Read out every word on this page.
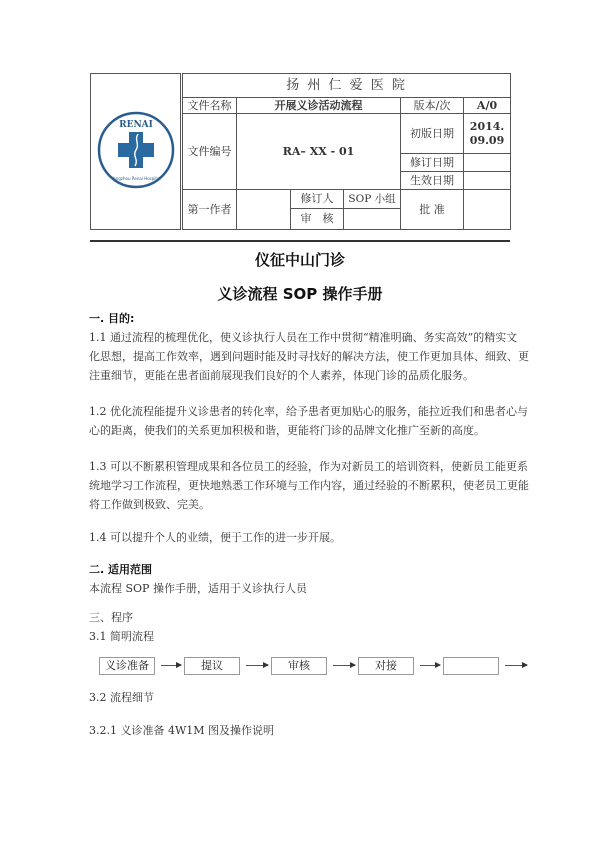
RENAI
Yangzhou Renai Hospital	扬 州 仁 爱 医 院					
	文件名称	开展义诊活动流程			版本/次	A/0
	文件编号	RA– XX - 01			初版日期	2014.09.09
					修订日期	
					生效日期	
	第一作者		修订人	SOP 小组	批 准	
			审　核			
仪征中山门诊
义诊流程 SOP 操作手册
一. 目的:
1.1 通过流程的梳理优化，使义诊执行人员在工作中贯彻“精准明确、务实高效”的精实文
化思想，提高工作效率，遇到问题时能及时寻找好的解决方法，使工作更加具体、细致、更
注重细节，更能在患者面前展现我们良好的个人素养，体现门诊的品质化服务。
1.2 优化流程能提升义诊患者的转化率，给予患者更加贴心的服务，能拉近我们和患者心与
心的距离，使我们的关系更加积极和谐，更能将门诊的品牌文化推广至新的高度。
1.3 可以不断累积管理成果和各位员工的经验，作为对新员工的培训资料，使新员工能更系
统地学习工作流程，更快地熟悉工作环境与工作内容，通过经验的不断累积，使老员工更能
将工作做到极致、完美。
1.4 可以提升个人的业绩，便于工作的进一步开展。
二. 适用范围
本流程 SOP 操作手册，适用于义诊执行人员
三、程序
3.1 简明流程
义诊准备	提议	审核	对接
3.2 流程细节
3.2.1 义诊准备 4W1M 图及操作说明
